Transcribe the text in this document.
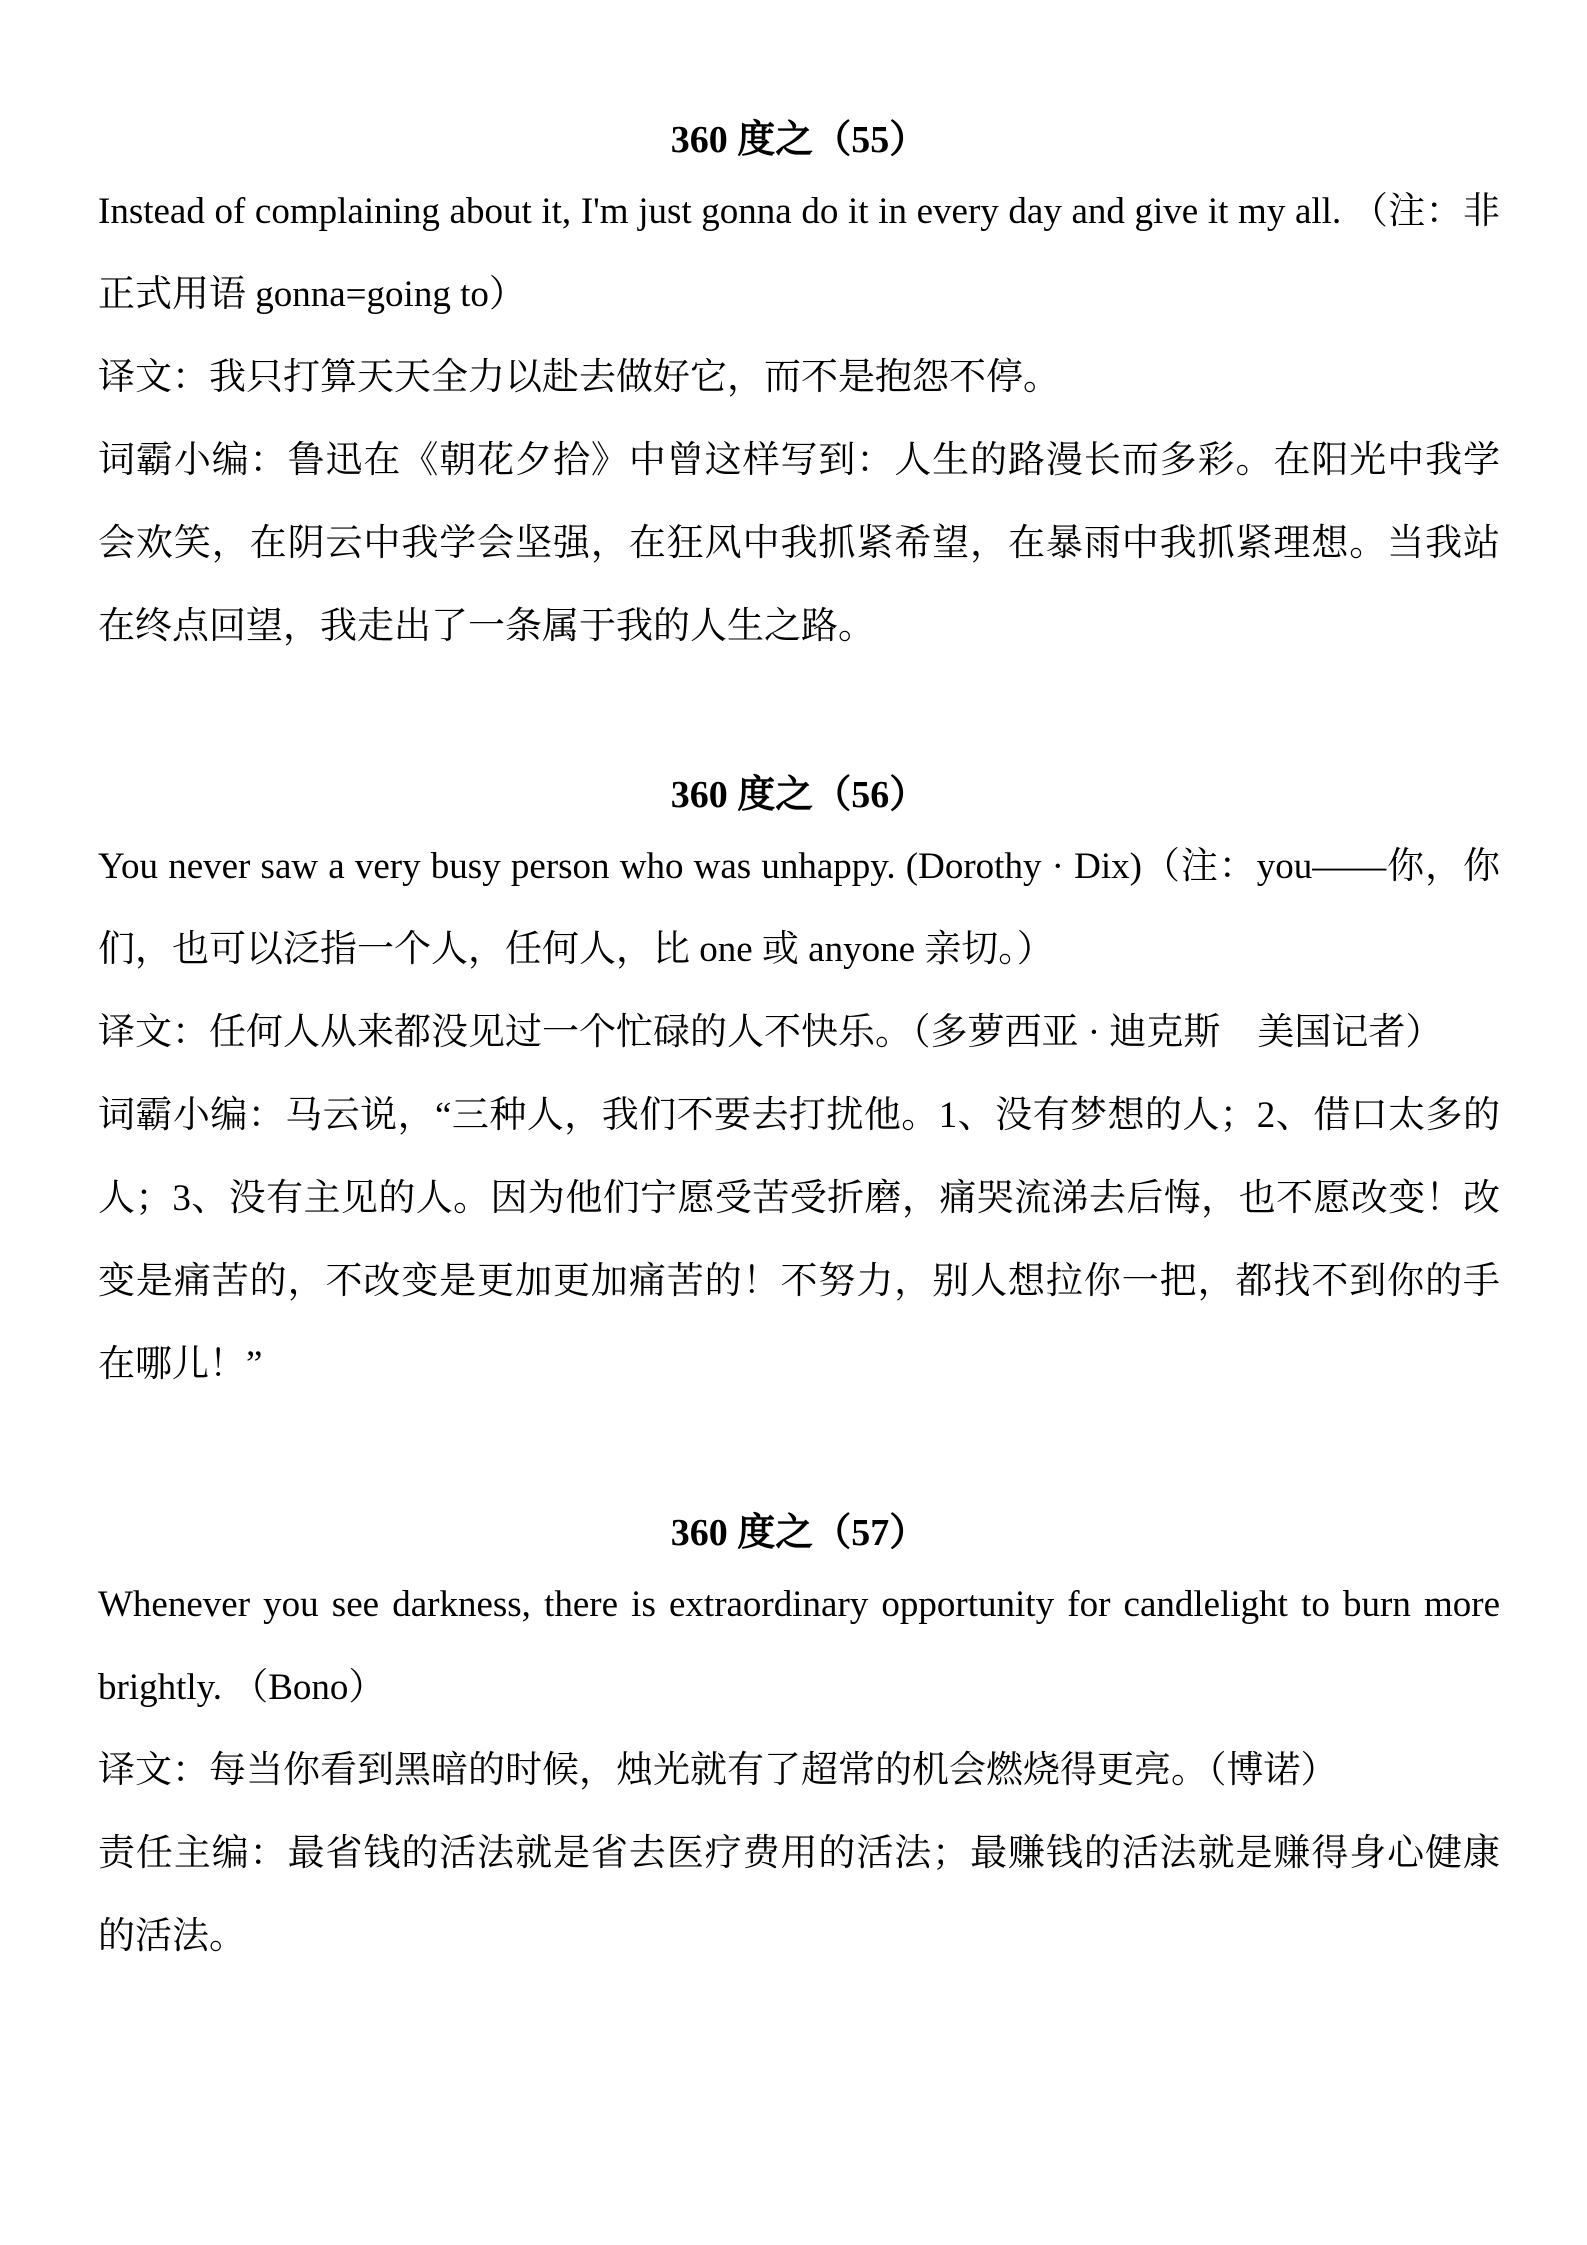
360 度之（55）

Instead of complaining about it, I'm just gonna do it in every day and give it my all. （注：非正式用语 gonna=going to）

译文：我只打算天天全力以赴去做好它，而不是抱怨不停。

词霸小编：鲁迅在《朝花夕拾》中曾这样写到：人生的路漫长而多彩。在阳光中我学会欢笑，在阴云中我学会坚强，在狂风中我抓紧希望，在暴雨中我抓紧理想。当我站在终点回望，我走出了一条属于我的人生之路。

360 度之（56）

You never saw a very busy person who was unhappy. (Dorothy · Dix)（注：you——你，你们，也可以泛指一个人，任何人，比 one 或 anyone 亲切。）

译文：任何人从来都没见过一个忙碌的人不快乐。（多萝西亚 · 迪克斯　美国记者）

词霸小编：马云说，“三种人，我们不要去打扰他。1、没有梦想的人；2、借口太多的人；3、没有主见的人。因为他们宁愿受苦受折磨，痛哭流涕去后悔，也不愿改变！改变是痛苦的，不改变是更加更加痛苦的！不努力，别人想拉你一把，都找不到你的手在哪儿！”

360 度之（57）

Whenever you see darkness, there is extraordinary opportunity for candlelight to burn more brightly. （Bono）

译文：每当你看到黑暗的时候，烛光就有了超常的机会燃烧得更亮。（博诺）

责任主编：最省钱的活法就是省去医疗费用的活法；最赚钱的活法就是赚得身心健康的活法。
